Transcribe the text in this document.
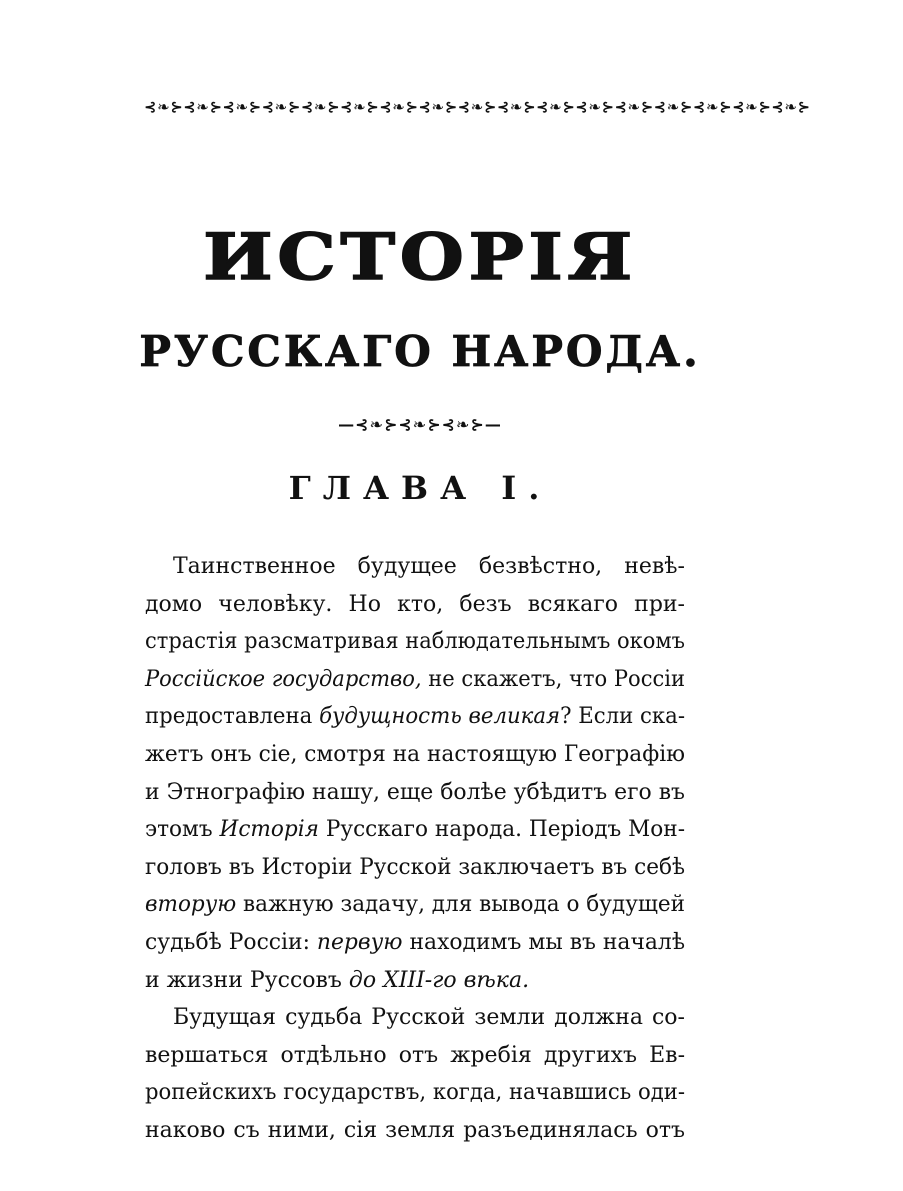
⊰❧⊱⊰❧⊱⊰❧⊱⊰❧⊱⊰❧⊱⊰❧⊱⊰❧⊱⊰❧⊱⊰❧⊱⊰❧⊱⊰❧⊱⊰❧⊱⊰❧⊱⊰❧⊱⊰❧⊱⊰❧⊱⊰❧⊱
ИСТОРІЯ
РУССКАГО НАРОДА.
—⊰❧⊱⊰❧⊱⊰❧⊱—
ГЛАВА I.
Таинственное будущее безвѣстно, невѣ-
домо человѣку. Но кто, безъ всякаго при-
страстія разсматривая наблюдательнымъ окомъ
Россійское государство, не скажетъ, что Россіи
предоставлена будущность великая? Если ска-
жетъ онъ сіе, смотря на настоящую Географію
и Этнографію нашу, еще болѣе убѣдитъ его въ
этомъ Исторія Русскаго народа. Періодъ Мон-
головъ въ Исторіи Русской заключаетъ въ себѣ
вторую важную задачу, для вывода о будущей
судьбѣ Россіи: первую находимъ мы въ началѣ
и жизни Руссовъ до XIII-го вѣка.
Будущая судьба Русской земли должна со-
вершаться отдѣльно отъ жребія другихъ Ев-
ропейскихъ государствъ, когда, начавшись оди-
наково съ ними, сія земля разъединялась отъ
